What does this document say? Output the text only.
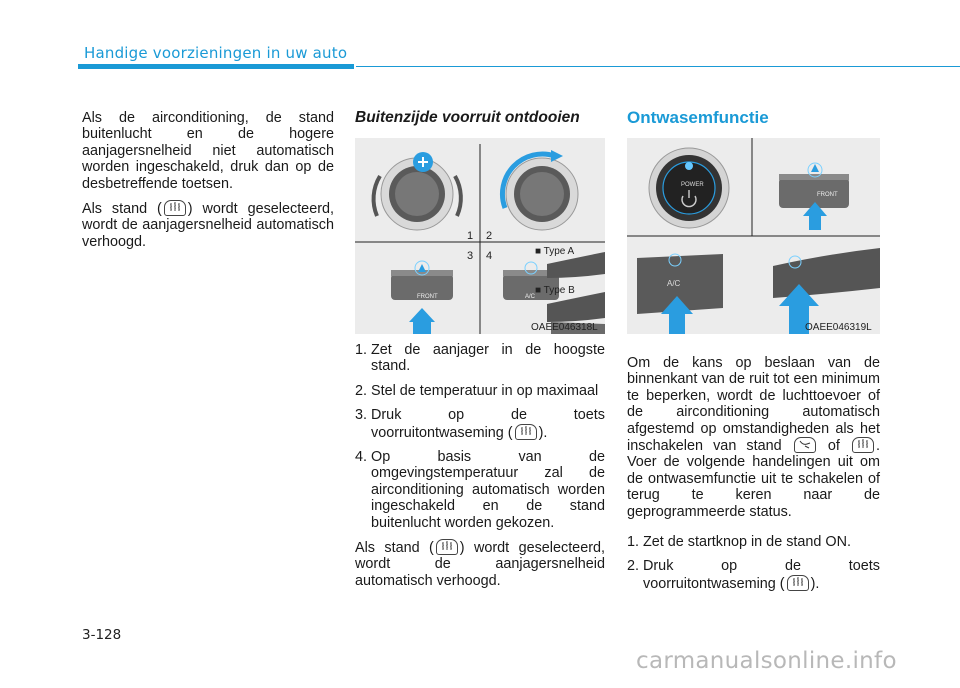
Handige voorzieningen in uw auto

Als de airconditioning, de stand buitenlucht en de hogere aanjagersnelheid niet automatisch worden ingeschakeld, druk dan op de desbetreffende toetsen.

Als stand ( ) wordt geselecteerd, wordt de aanjagersnelheid automatisch verhoogd.

Buitenzijde voorruit ontdooien
1 2
3 4	■ Type A
■ Type B
FRONT	A/C
OAEE046318L
1. Zet de aanjager in de hoogste stand.
2. Stel de temperatuur in op maximaal
3. Druk op de toets voorruitontwaseming ( ).
4. Op basis van de omgevingstemperatuur zal de airconditioning automatisch worden ingeschakeld en de stand buitenlucht worden gekozen.

Als stand ( ) wordt geselecteerd, wordt de aanjagersnelheid automatisch verhoogd.

Ontwasemfunctie
POWER
FRONT
A/C
OAEE046319L

Om de kans op beslaan van de binnenkant van de ruit tot een minimum te beperken, wordt de luchttoevoer of de airconditioning automatisch afgestemd op omstandigheden als het inschakelen van stand	of	. Voer de volgende handelingen uit om de ontwasemfunctie uit te schakelen of terug te keren naar de geprogrammeerde status.

1. Zet de startknop in de stand ON.
2. Druk op de toets voorruitontwaseming ( ).
3-128
carmanualsonline.info
